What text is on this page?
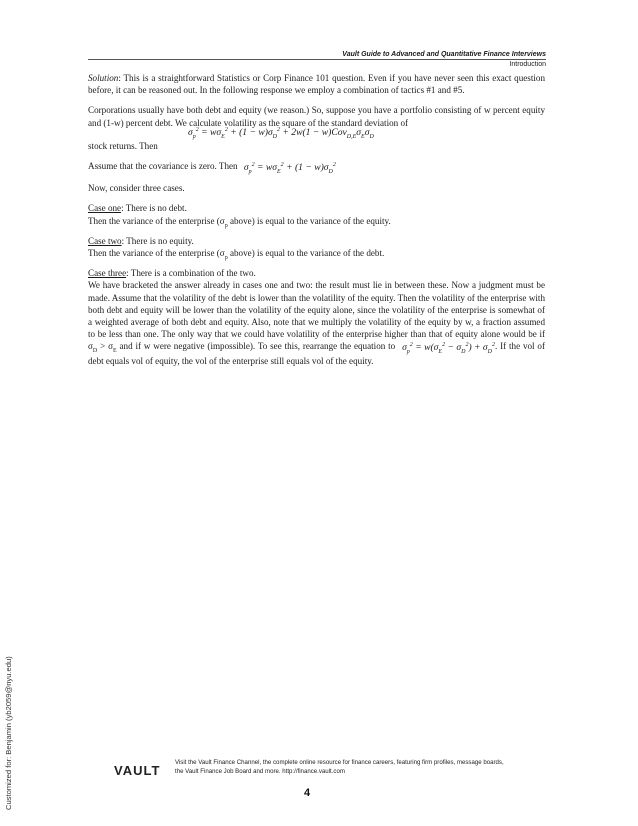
Vault Guide to Advanced and Quantitative Finance Interviews
Introduction

Solution: This is a straightforward Statistics or Corp Finance 101 question. Even if you have never seen this exact question before, it can be reasoned out. In the following response we employ a combination of tactics #1 and #5.

Corporations usually have both debt and equity (we reason.) So, suppose you have a portfolio consisting of w percent equity and (1-w) percent debt. We calculate volatility as the square of the standard deviation of

$\sigma_p^2 = w\sigma_E^2 + (1 - w)\sigma_D^2 + 2w(1 - w)Cov_{D,E}\sigma_E\sigma_D$

stock returns. Then

Assume that the covariance is zero. Then $\sigma_p^2 = w\sigma_E^2 + (1 - w)\sigma_D^2$

Now, consider three cases.

Case one: There is no debt.
Then the variance of the enterprise ($\sigma_p$ above) is equal to the variance of the equity.

Case two: There is no equity.
Then the variance of the enterprise ($\sigma_p$ above) is equal to the variance of the debt.

Case three: There is a combination of the two.
We have bracketed the answer already in cases one and two: the result must lie in between these. Now a judgment must be made. Assume that the volatility of the debt is lower than the volatility of the equity. Then the volatility of the enterprise with both debt and equity will be lower than the volatility of the equity alone, since the volatility of the enterprise is somewhat of a weighted average of both debt and equity. Also, note that we multiply the volatility of the equity by w, a fraction assumed to be less than one. The only way that we could have volatility of the enterprise higher than that of equity alone would be if $\sigma_D > \sigma_E$ and if w were negative (impossible). To see this, rearrange the equation to $\sigma_p^2 = w(\sigma_E^2 - \sigma_D^2) + \sigma_D^2$. If the vol of debt equals vol of equity, the vol of the enterprise still equals vol of the equity.

Customized for: Benjamin (yb2059@nyu.edu)	VAULT
Visit the Vault Finance Channel, the complete online resource for finance careers, featuring firm profiles, message boards, the Vault Finance Job Board and more. http://finance.vault.com
4
